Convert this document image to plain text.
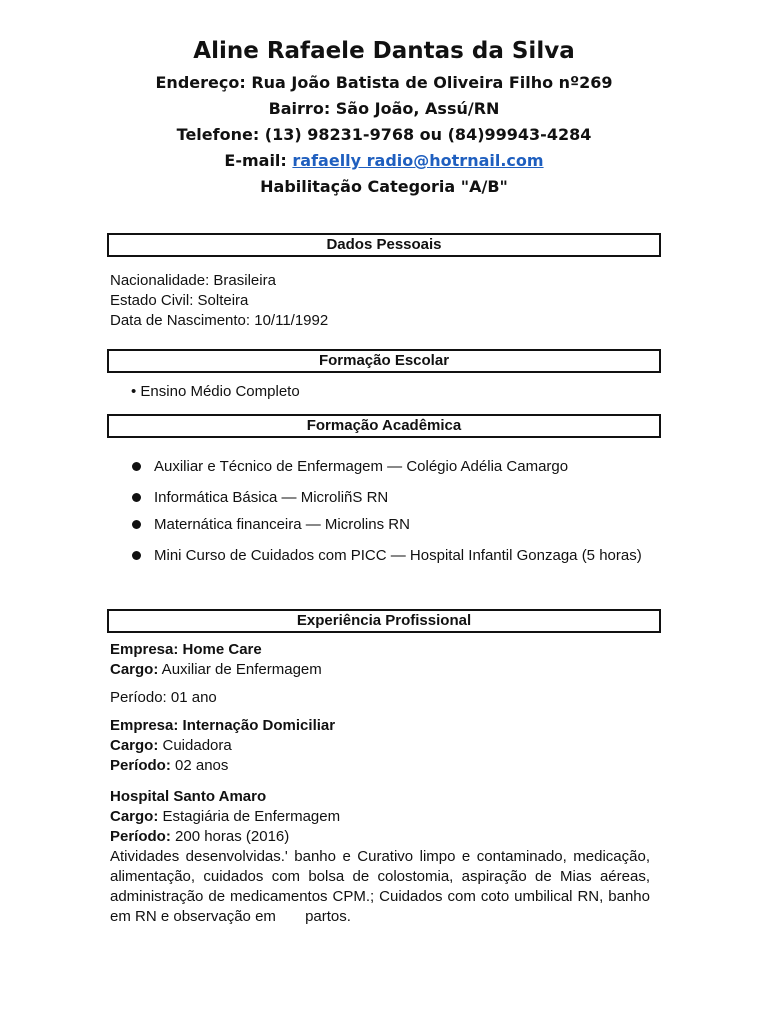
Aline Rafaele Dantas da Silva

Endereço: Rua João Batista de Oliveira Filho nº269

Bairro: São João, Assú/RN

Telefone: (13) 98231-9768 ou (84)99943-4284

E-mail: rafaelly radio@hotrnail.com

Habilitação Categoria "A/B"

Dados Pessoais

Nacionalidade: Brasileira

Estado Civil: Solteira

Data de Nascimento: 10/11/1992

Formação Escolar
• Ensino Médio Completo
Formação Acadêmica
Auxiliar e Técnico de Enfermagem — Colégio Adélia Camargo
Informática Básica — MicroliñS RN
Maternática financeira — Microlins RN
Mini Curso de Cuidados com PICC — Hospital Infantil Gonzaga (5 horas)
Experiência Profissional

Empresa: Home Care

Cargo: Auxiliar de Enfermagem

Período: 01 ano

Empresa: Internação Domiciliar

Cargo: Cuidadora

Período: 02 anos

Hospital Santo Amaro

Cargo: Estagiária de Enfermagem

Período: 200 horas (2016)

Atividades desenvolvidas.' banho e Curativo limpo e contaminado, medicação, alimentação, cuidados com bolsa de colostomia, aspiração de Mias aéreas, administração de medicamentos CPM.; Cuidados com coto umbilical RN, banho em RN e observação em       partos.
